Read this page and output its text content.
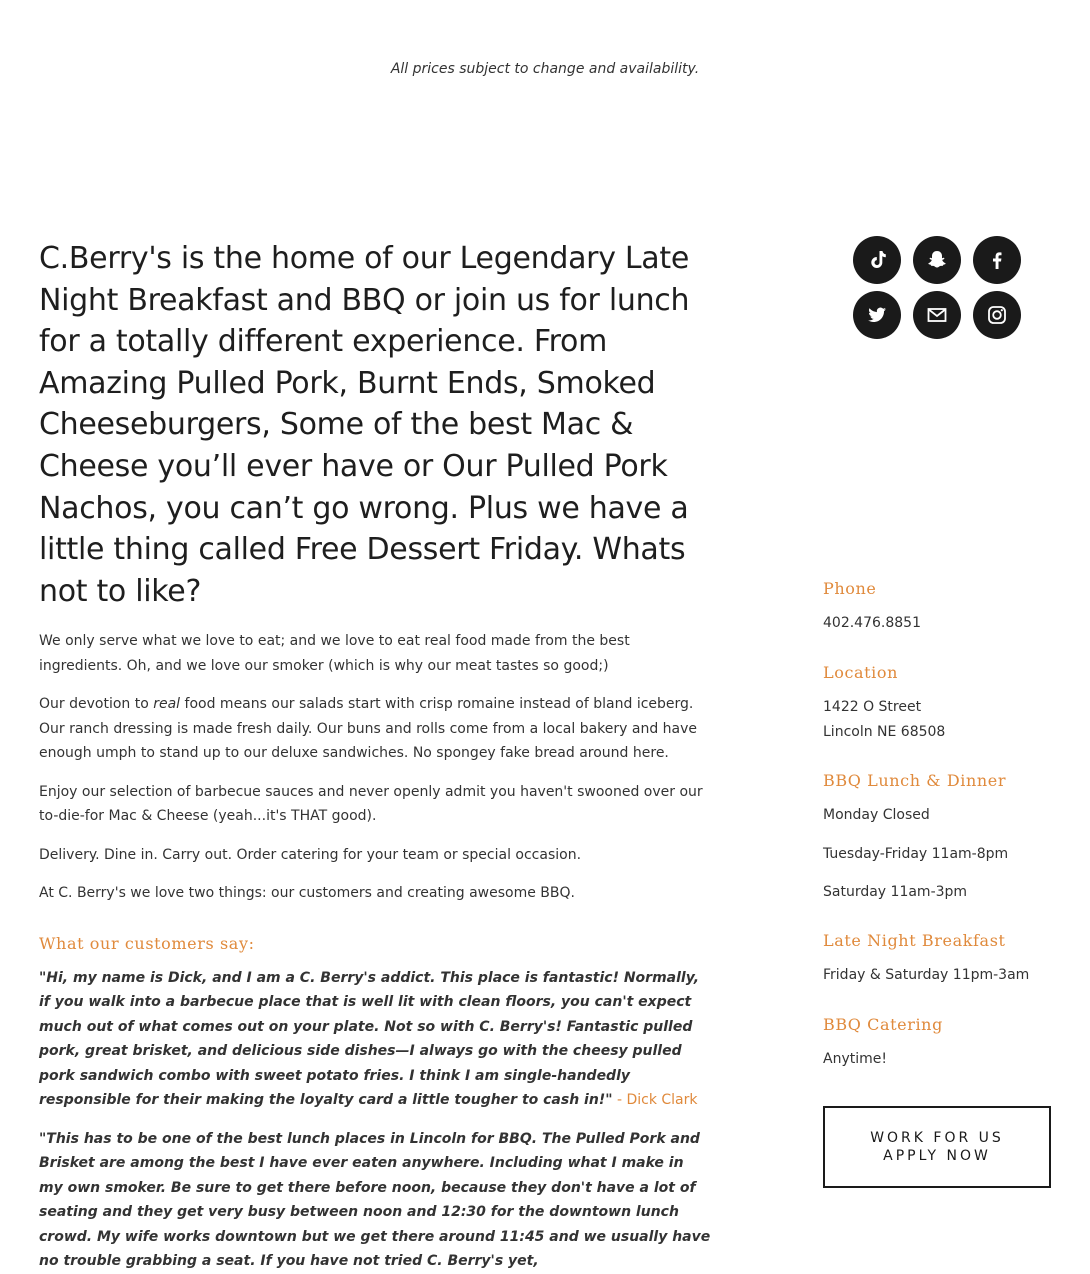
All prices subject to change and availability.
C.Berry's is the home of our Legendary Late Night Breakfast and BBQ or join us for lunch for a totally different experience. From Amazing Pulled Pork, Burnt Ends, Smoked Cheeseburgers, Some of the best Mac & Cheese you’ll ever have or Our Pulled Pork Nachos, you can’t go wrong. Plus we have a little thing called Free Dessert Friday. Whats not to like?

We only serve what we love to eat; and we love to eat real food made from the best ingredients. Oh, and we love our smoker (which is why our meat tastes so good;)

Our devotion to real food means our salads start with crisp romaine instead of bland iceberg. Our ranch dressing is made fresh daily. Our buns and rolls come from a local bakery and have enough umph to stand up to our deluxe sandwiches. No spongey fake bread around here.

Enjoy our selection of barbecue sauces and never openly admit you haven't swooned over our to-die-for Mac & Cheese (yeah...it's THAT good).

Delivery. Dine in. Carry out. Order catering for your team or special occasion.

At C. Berry's we love two things: our customers and creating awesome BBQ.

What our customers say:

"Hi, my name is Dick, and I am a C. Berry's addict. This place is fantastic! Normally, if you walk into a barbecue place that is well lit with clean floors, you can't expect much out of what comes out on your plate. Not so with C. Berry's! Fantastic pulled pork, great brisket, and delicious side dishes—I always go with the cheesy pulled pork sandwich combo with sweet potato fries. I think I am single-handedly responsible for their making the loyalty card a little tougher to cash in!" - Dick Clark

"This has to be one of the best lunch places in Lincoln for BBQ. The Pulled Pork and Brisket are among the best I have ever eaten anywhere. Including what I make in my own smoker. Be sure to get there before noon, because they don't have a lot of seating and they get very busy between noon and 12:30 for the downtown lunch crowd. My wife works downtown but we get there around 11:45 and we usually have no trouble grabbing a seat. If you have not tried C. Berry's yet,

Phone

402.476.8851

Location

1422 O Street

Lincoln NE 68508

BBQ Lunch & Dinner

Monday Closed

Tuesday-Friday 11am-8pm

Saturday 11am-3pm

Late Night Breakfast

Friday & Saturday 11pm-3am

BBQ Catering

Anytime!

WORK FOR US
APPLY NOW
